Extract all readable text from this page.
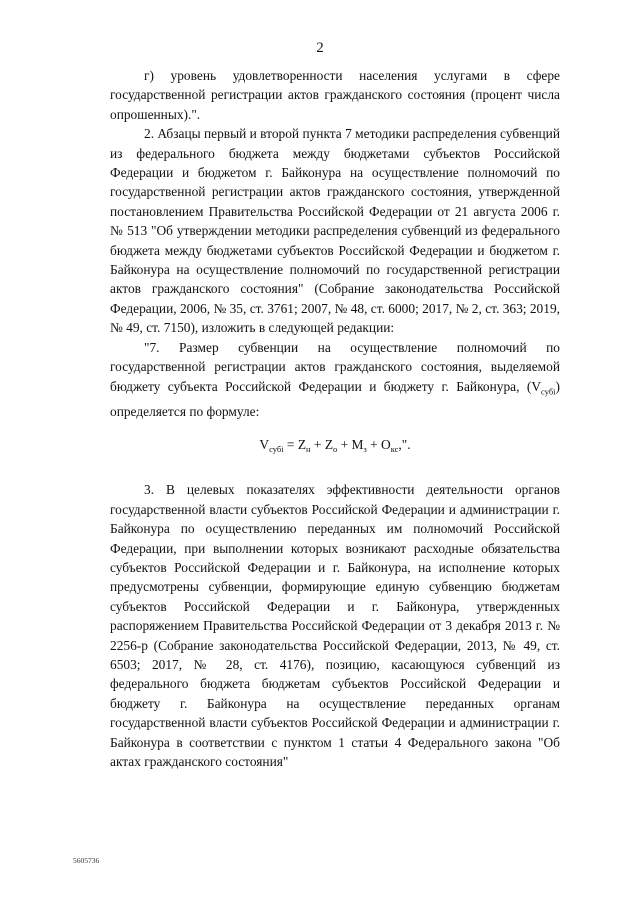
2

г) уровень удовлетворенности населения услугами в сфере государственной регистрации актов гражданского состояния (процент числа опрошенных).".

2. Абзацы первый и второй пункта 7 методики распределения субвенций из федерального бюджета между бюджетами субъектов Российской Федерации и бюджетом г. Байконура на осуществление полномочий по государственной регистрации актов гражданского состояния, утвержденной постановлением Правительства Российской Федерации от 21 августа 2006 г. № 513 "Об утверждении методики распределения субвенций из федерального бюджета между бюджетами субъектов Российской Федерации и бюджетом г. Байконура на осуществление полномочий по государственной регистрации актов гражданского состояния" (Собрание законодательства Российской Федерации, 2006, № 35, ст. 3761; 2007, № 48, ст. 6000; 2017, № 2, ст. 363; 2019, № 49, ст. 7150), изложить в следующей редакции:

"7. Размер субвенции на осуществление полномочий по государственной регистрации актов гражданского состояния, выделяемой бюджету субъекта Российской Федерации и бюджету г. Байконура, $(V_{субi})$ определяется по формуле:

$V_{субi} = Z_н + Z_о + M_з + O_{кс}$,".

3. В целевых показателях эффективности деятельности органов государственной власти субъектов Российской Федерации и администрации г. Байконура по осуществлению переданных им полномочий Российской Федерации, при выполнении которых возникают расходные обязательства субъектов Российской Федерации и г. Байконура, на исполнение которых предусмотрены субвенции, формирующие единую субвенцию бюджетам субъектов Российской Федерации и г. Байконура, утвержденных распоряжением Правительства Российской Федерации от 3 декабря 2013 г. № 2256-р (Собрание законодательства Российской Федерации, 2013, № 49, ст. 6503; 2017, № 28, ст. 4176), позицию, касающуюся субвенций из федерального бюджета бюджетам субъектов Российской Федерации и бюджету г. Байконура на осуществление переданных органам государственной власти субъектов Российской Федерации и администрации г. Байконура в соответствии с пунктом 1 статьи 4 Федерального закона "Об актах гражданского состояния"

5605736
